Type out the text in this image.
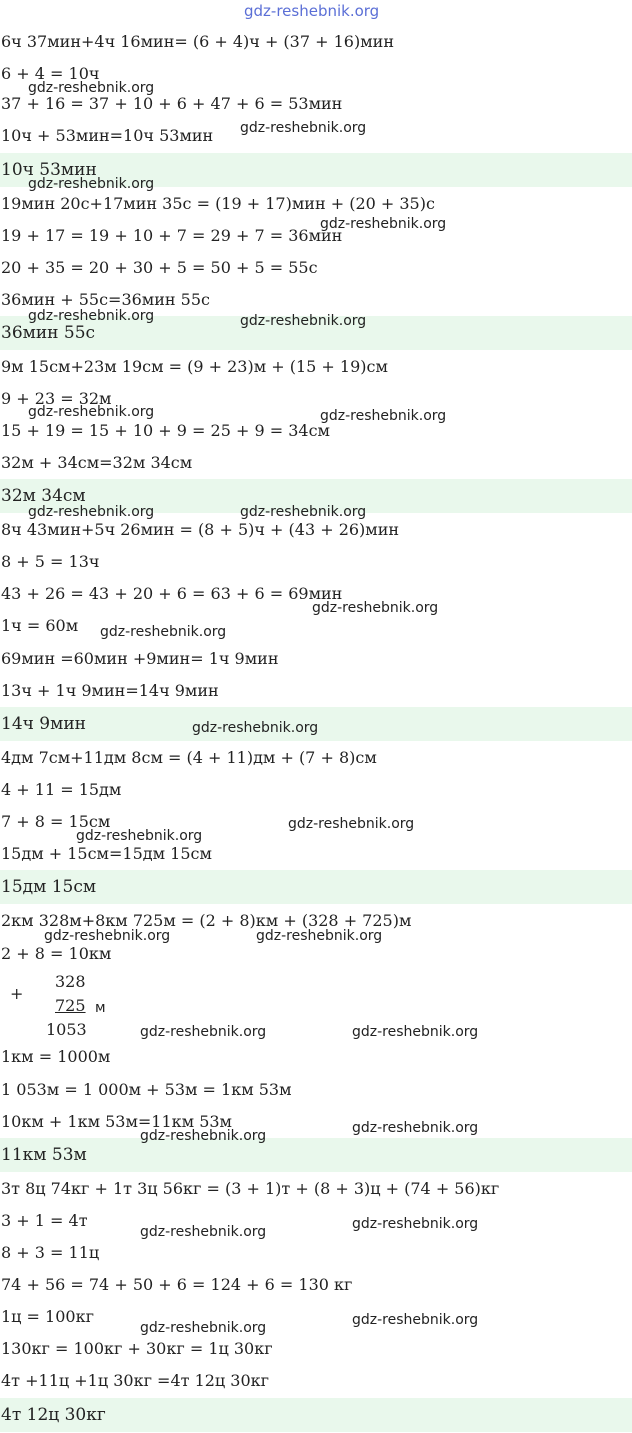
gdz-reshebnik.org
6ч 37мин+4ч 16мин= (6 + 4)ч + (37 + 16)мин
6 + 4 = 10ч
37 + 16 = 37 + 10 + 6 + 47 + 6 = 53мин
10ч + 53мин=10ч 53мин
10ч 53мин
19мин 20с+17мин 35с = (19 + 17)мин + (20 + 35)с
19 + 17 = 19 + 10 + 7 = 29 + 7 = 36мин
20 + 35 = 20 + 30 + 5 = 50 + 5 = 55с
36мин + 55с=36мин 55с
36мин 55с
9м 15см+23м 19см = (9 + 23)м + (15 + 19)см
9 + 23 = 32м
15 + 19 = 15 + 10 + 9 = 25 + 9 = 34см
32м + 34см=32м 34см
32м 34см
8ч 43мин+5ч 26мин = (8 + 5)ч + (43 + 26)мин
8 + 5 = 13ч
43 + 26 = 43 + 20 + 6 = 63 + 6 = 69мин
1ч = 60м
69мин =60мин +9мин= 1ч 9мин
13ч + 1ч 9мин=14ч 9мин
14ч 9мин
4дм 7см+11дм 8см = (4 + 11)дм + (7 + 8)см
4 + 11 = 15дм
7 + 8 = 15см
15дм + 15см=15дм 15см
15дм 15см
2км 328м+8км 725м = (2 + 8)км + (328 + 725)м
2 + 8 = 10км
+
328
725 м
1053
1км = 1000м
1 053м = 1 000м + 53м = 1км 53м
10км + 1км 53м=11км 53м
11км 53м
3т 8ц 74кг + 1т 3ц 56кг = (3 + 1)т + (8 + 3)ц + (74 + 56)кг
3 + 1 = 4т
8 + 3 = 11ц
74 + 56 = 74 + 50 + 6 = 124 + 6 = 130 кг
1ц = 100кг
130кг = 100кг + 30кг = 1ц 30кг
4т +11ц +1ц 30кг =4т 12ц 30кг
4т 12ц 30кг
gdz-reshebnik.org
gdz-reshebnik.org
gdz-reshebnik.org
gdz-reshebnik.org
gdz-reshebnik.org	gdz-reshebnik.org
gdz-reshebnik.org	gdz-reshebnik.org
gdz-reshebnik.org	gdz-reshebnik.org
gdz-reshebnik.org
gdz-reshebnik.org
gdz-reshebnik.org
gdz-reshebnik.org
gdz-reshebnik.org
gdz-reshebnik.org	gdz-reshebnik.org
gdz-reshebnik.org	gdz-reshebnik.org
gdz-reshebnik.org	gdz-reshebnik.org
gdz-reshebnik.org	gdz-reshebnik.org
gdz-reshebnik.org	gdz-reshebnik.org
